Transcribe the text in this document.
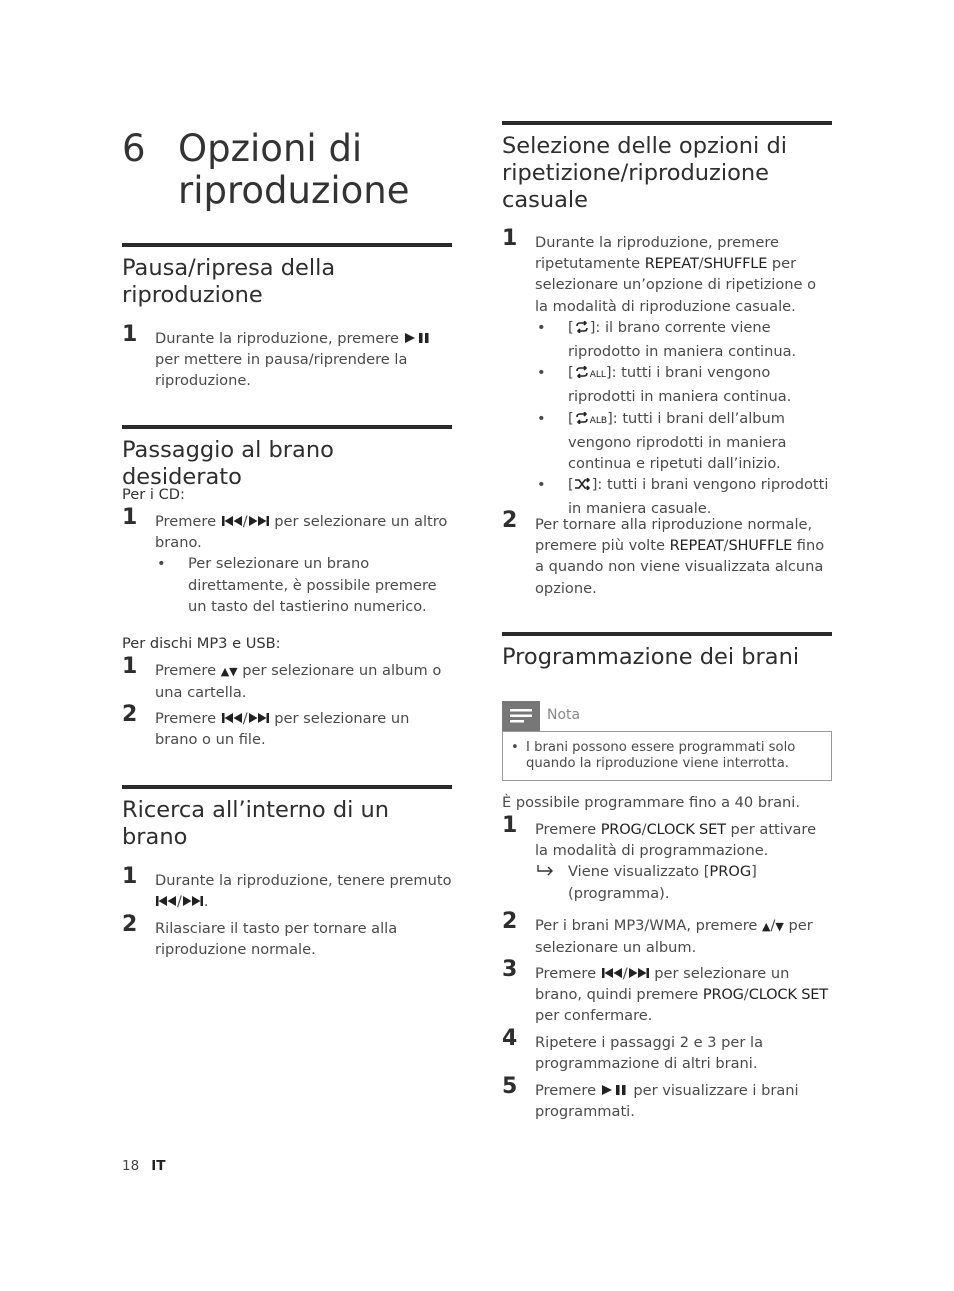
6 Opzioni di riproduzione
Pausa/ripresa della riproduzione
1 Durante la riproduzione, premere  per mettere in pausa/riprendere la riproduzione.
Passaggio al brano desiderato
Per i CD:
1 Premere / per selezionare un altro brano.
• Per selezionare un brano direttamente, è possibile premere un tasto del tastierino numerico.
Per dischi MP3 e USB:
1 Premere ▲▼ per selezionare un album o una cartella.
2 Premere / per selezionare un brano o un file.
Ricerca all’interno di un brano
1 Durante la riproduzione, tenere premuto / .
2 Rilasciare il tasto per tornare alla riproduzione normale.
Selezione delle opzioni di ripetizione/riproduzione casuale
1 Durante la riproduzione, premere ripetutamente REPEAT/SHUFFLE per selezionare un’opzione di ripetizione o la modalità di riproduzione casuale.
• [ ]: il brano corrente viene riprodotto in maniera continua.
• [ ALL]: tutti i brani vengono riprodotti in maniera continua.
• [ ALB]: tutti i brani dell’album vengono riprodotti in maniera continua e ripetuti dall’inizio.
• [ ]: tutti i brani vengono riprodotti in maniera casuale.
2 Per tornare alla riproduzione normale, premere più volte REPEAT/SHUFFLE fino a quando non viene visualizzata alcuna opzione.
Programmazione dei brani
Nota
• I brani possono essere programmati solo quando la riproduzione viene interrotta.
È possibile programmare fino a 40 brani.
1 Premere PROG/CLOCK SET per attivare la modalità di programmazione.
Viene visualizzato [PROG] (programma).
2 Per i brani MP3/WMA, premere ▲/▼ per selezionare un album.
3 Premere / per selezionare un brano, quindi premere PROG/CLOCK SET per confermare.
4 Ripetere i passaggi 2 e 3 per la programmazione di altri brani.
5 Premere  per visualizzare i brani programmati.
18 IT
